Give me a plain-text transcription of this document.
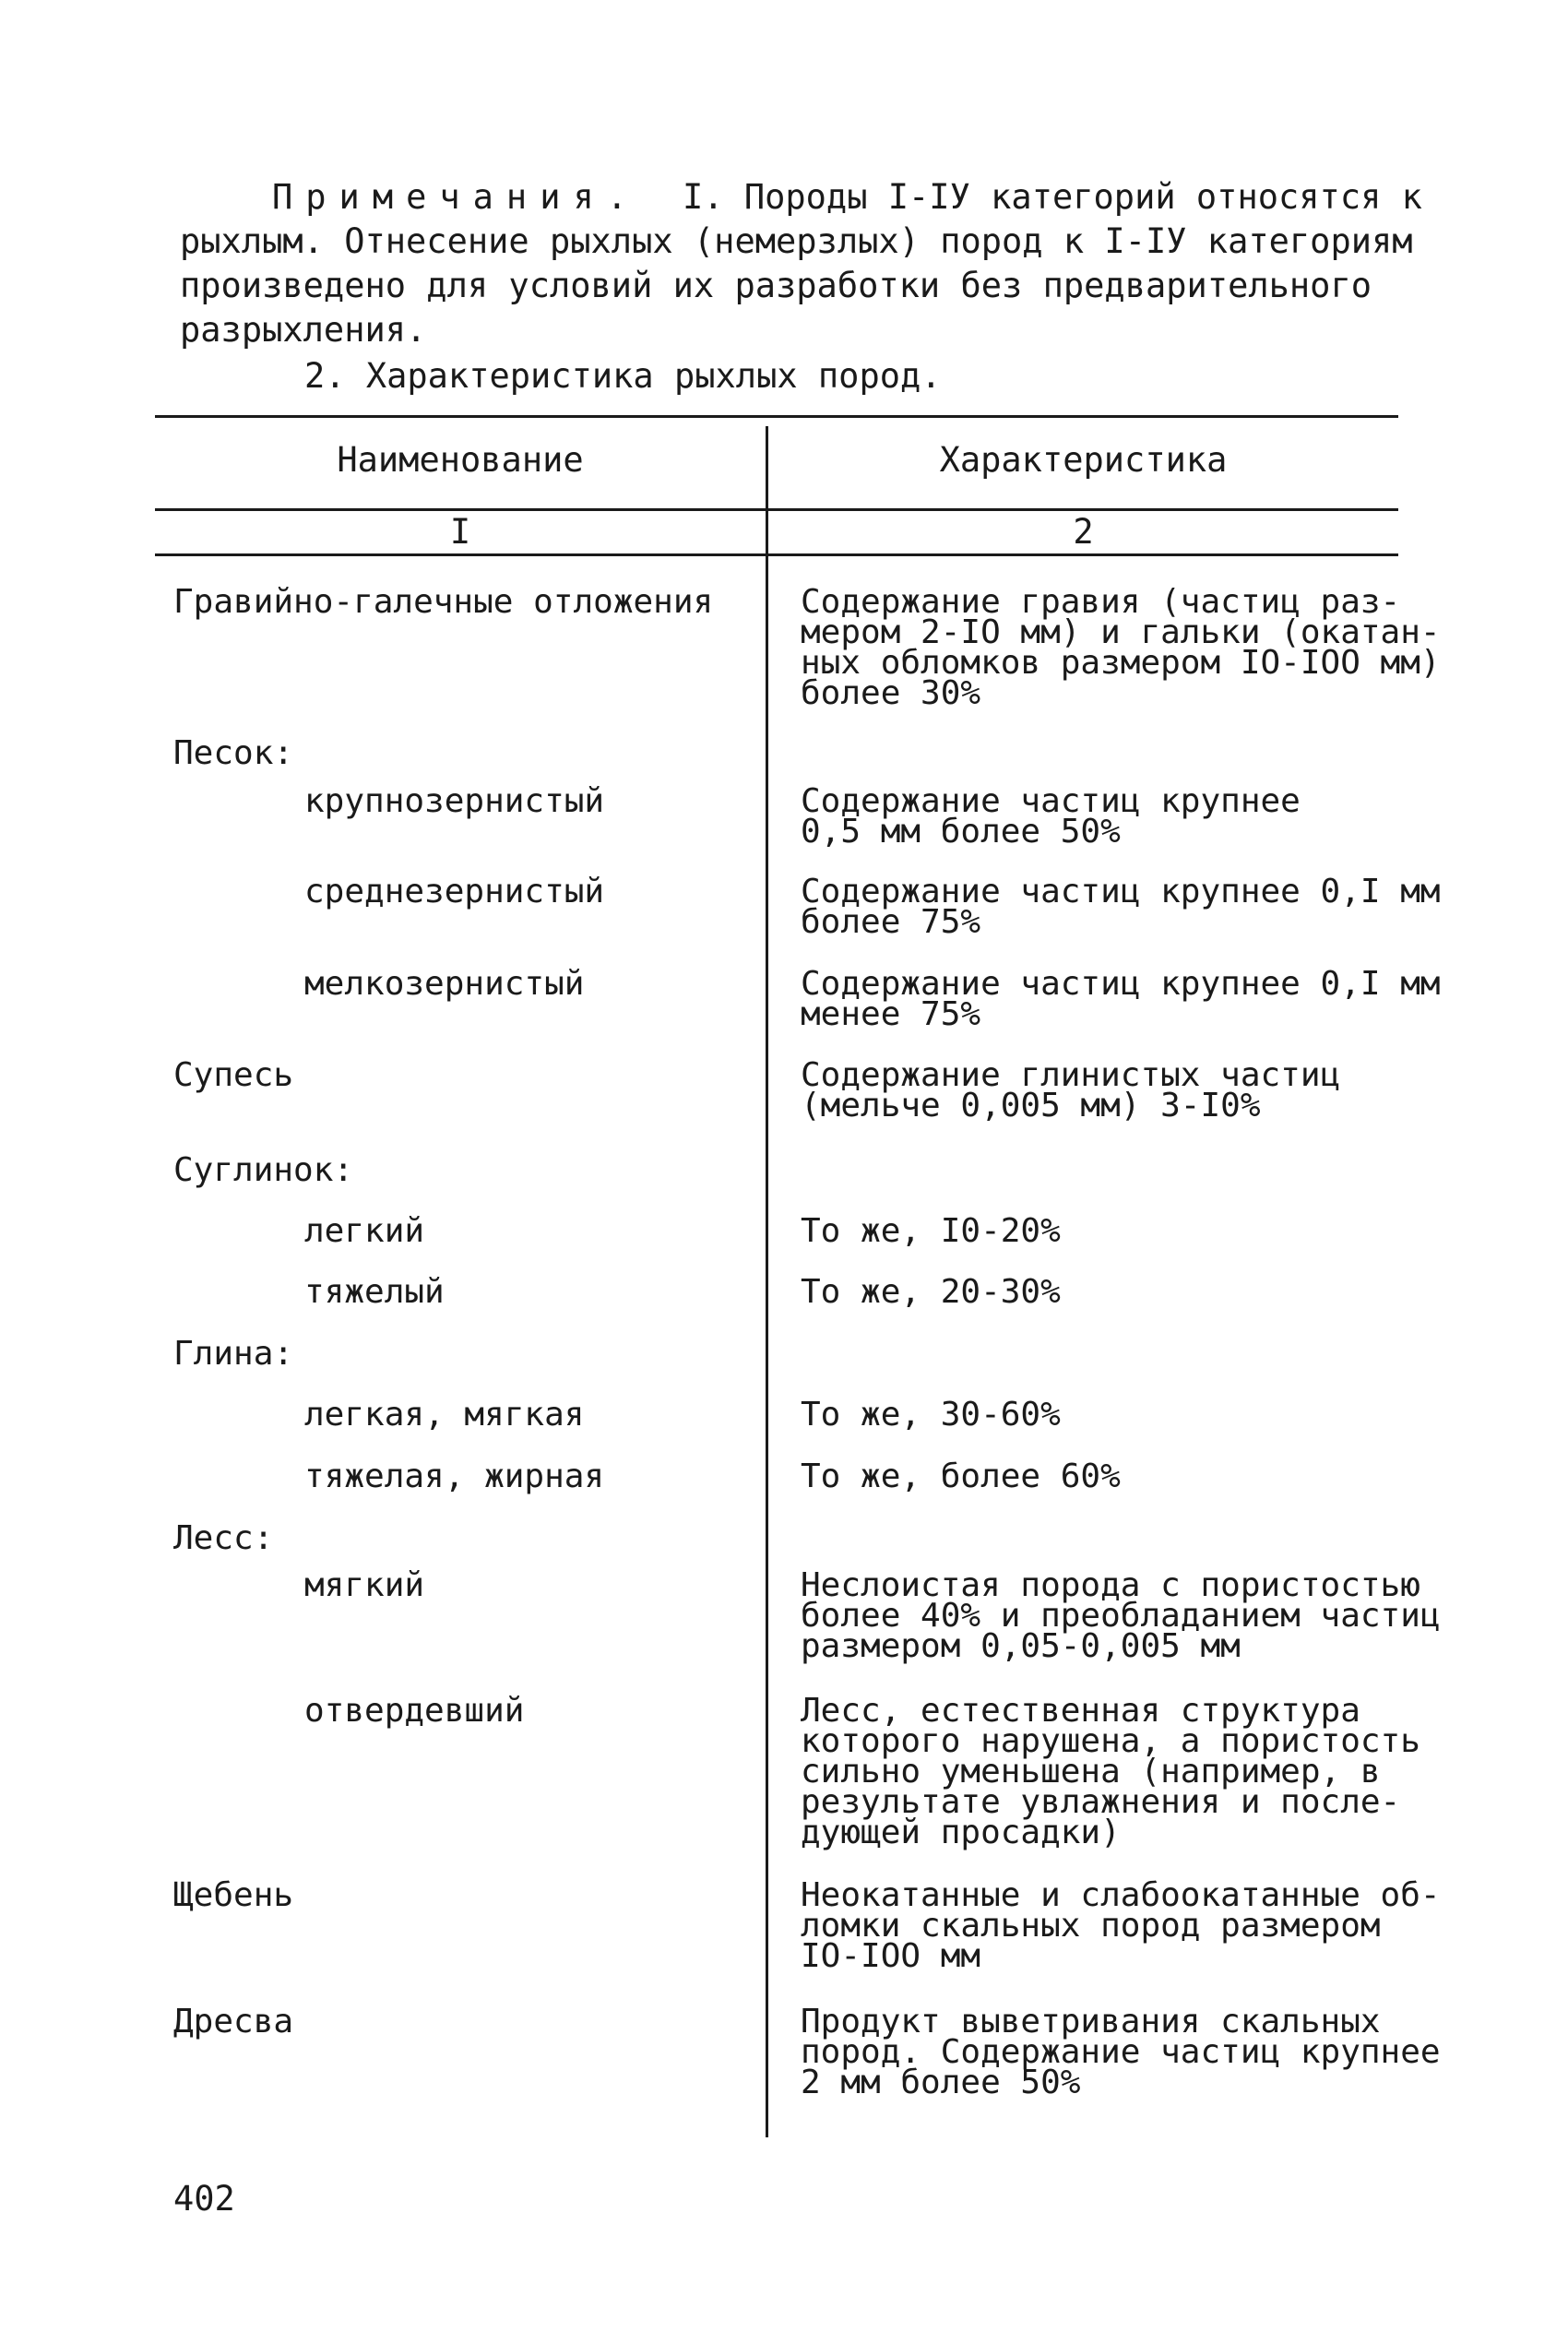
Примечания. I. Породы I-IУ категорий относятся к
рыхлым. Отнесение рыхлых (немерзлых) пород к I-IУ категориям
произведено для условий их разработки без предварительного
разрыхления.
2. Характеристика рыхлых пород.
Наименование	Характеристика
I	2
Гравийно-галечные отложения
Песок:
крупнозернистый
среднезернистый
мелкозернистый
Супесь
Суглинок:
легкий
тяжелый
Глина:
легкая, мягкая
тяжелая, жирная
Лесс:
мягкий
отвердевший
Щебень
Дресва
Содержание гравия (частиц раз-
мером 2-IO мм) и гальки (окатан-
ных обломков размером IO-IOO мм)
более 30%
Содержание частиц крупнее
0,5 мм более 50%
Содержание частиц крупнее 0,I мм
более 75%
Содержание частиц крупнее 0,I мм
менее 75%
Содержание глинистых частиц
(мельче 0,005 мм) 3-I0%
То же, I0-20%
То же, 20-30%
То же, 30-60%
То же, более 60%
Неслоистая порода с пористостью
более 40% и преобладанием частиц
размером 0,05-0,005 мм
Лесс, естественная структура
которого нарушена, а пористость
сильно уменьшена (например, в
результате увлажнения и после-
дующей просадки)
Неокатанные и слабоокатанные об-
ломки скальных пород размером
IO-IOO мм
Продукт выветривания скальных
пород. Содержание частиц крупнее
2 мм более 50%
402
